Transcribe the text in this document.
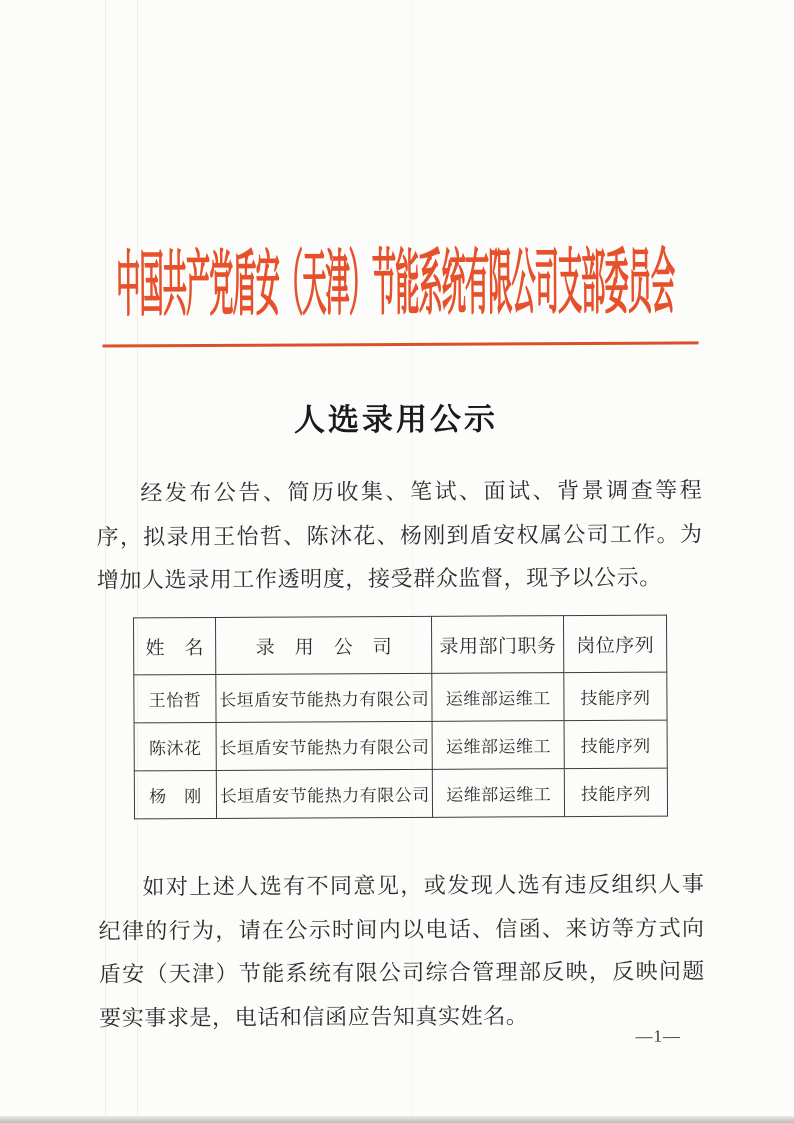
中国共产党盾安（天津）节能系统有限公司支部委员会
人选录用公示

经发布公告、简历收集、笔试、面试、背景调查等程序，拟录用王怡哲、陈沐花、杨刚到盾安权属公司工作。为增加人选录用工作透明度，接受群众监督，现予以公示。

姓　名	录　用　公　司	录用部门职务	岗位序列
王怡哲	长垣盾安节能热力有限公司	运维部运维工	技能序列
陈沐花	长垣盾安节能热力有限公司	运维部运维工	技能序列
杨　刚	长垣盾安节能热力有限公司	运维部运维工	技能序列

如对上述人选有不同意见，或发现人选有违反组织人事纪律的行为，请在公示时间内以电话、信函、来访等方式向盾安（天津）节能系统有限公司综合管理部反映，反映问题要实事求是，电话和信函应告知真实姓名。

—1—
